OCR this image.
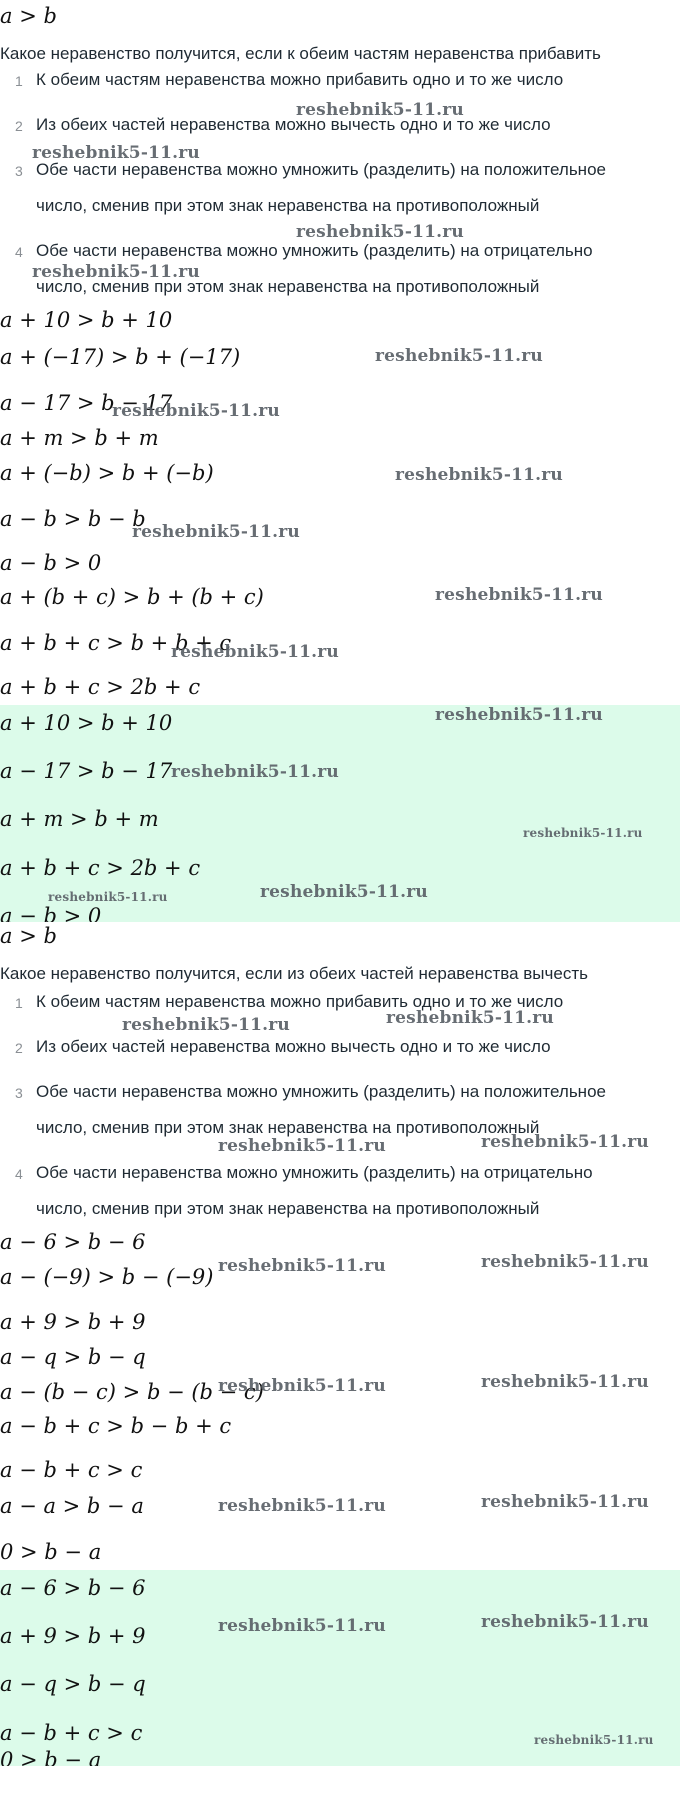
a > b
Какое неравенство получится, если к обеим частям неравенства прибавить
1 К обеим частям неравенства можно прибавить одно и то же число
2 Из обеих частей неравенства можно вычесть одно и то же число
3 Обе части неравенства можно умножить (разделить) на положительное
число, сменив при этом знак неравенства на противоположный
4 Обе части неравенства можно умножить (разделить) на отрицательно
число, сменив при этом знак неравенства на противоположный
a + 10 > b + 10
a + (−17) > b + (−17)
a − 17 > b − 17
a + m > b + m
a + (−b) > b + (−b)
a − b > b − b
a − b > 0
a + (b + c) > b + (b + c)
a + b + c > b + b + c
a + b + c > 2b + c
a + 10 > b + 10
a − 17 > b − 17
a + m > b + m
a + b + c > 2b + c
a − b > 0
reshebnik5-11.ru
reshebnik5-11.ru
reshebnik5-11.ru
reshebnik5-11.ru
reshebnik5-11.ru
reshebnik5-11.ru
reshebnik5-11.ru
reshebnik5-11.ru
reshebnik5-11.ru
reshebnik5-11.ru
reshebnik5-11.ru
reshebnik5-11.ru
reshebnik5-11.ru
reshebnik5-11.ru
reshebnik5-11.ru
a > b
Какое неравенство получится, если из обеих частей неравенства вычесть
1 К обеим частям неравенства можно прибавить одно и то же число
2 Из обеих частей неравенства можно вычесть одно и то же число
3 Обе части неравенства можно умножить (разделить) на положительное
число, сменив при этом знак неравенства на противоположный
4 Обе части неравенства можно умножить (разделить) на отрицательно
число, сменив при этом знак неравенства на противоположный
a − 6 > b − 6
a − (−9) > b − (−9)
a + 9 > b + 9
a − q > b − q
a − (b − c) > b − (b − c)
a − b + c > b − b + c
a − b + c > c
a − a > b − a
0 > b − a
a − 6 > b − 6
a + 9 > b + 9
a − q > b − q
a − b + c > c
0 > b − a
reshebnik5-11.ru
reshebnik5-11.ru
reshebnik5-11.ru
reshebnik5-11.ru
reshebnik5-11.ru
reshebnik5-11.ru
reshebnik5-11.ru
reshebnik5-11.ru
reshebnik5-11.ru
reshebnik5-11.ru
reshebnik5-11.ru
reshebnik5-11.ru
reshebnik5-11.ru
